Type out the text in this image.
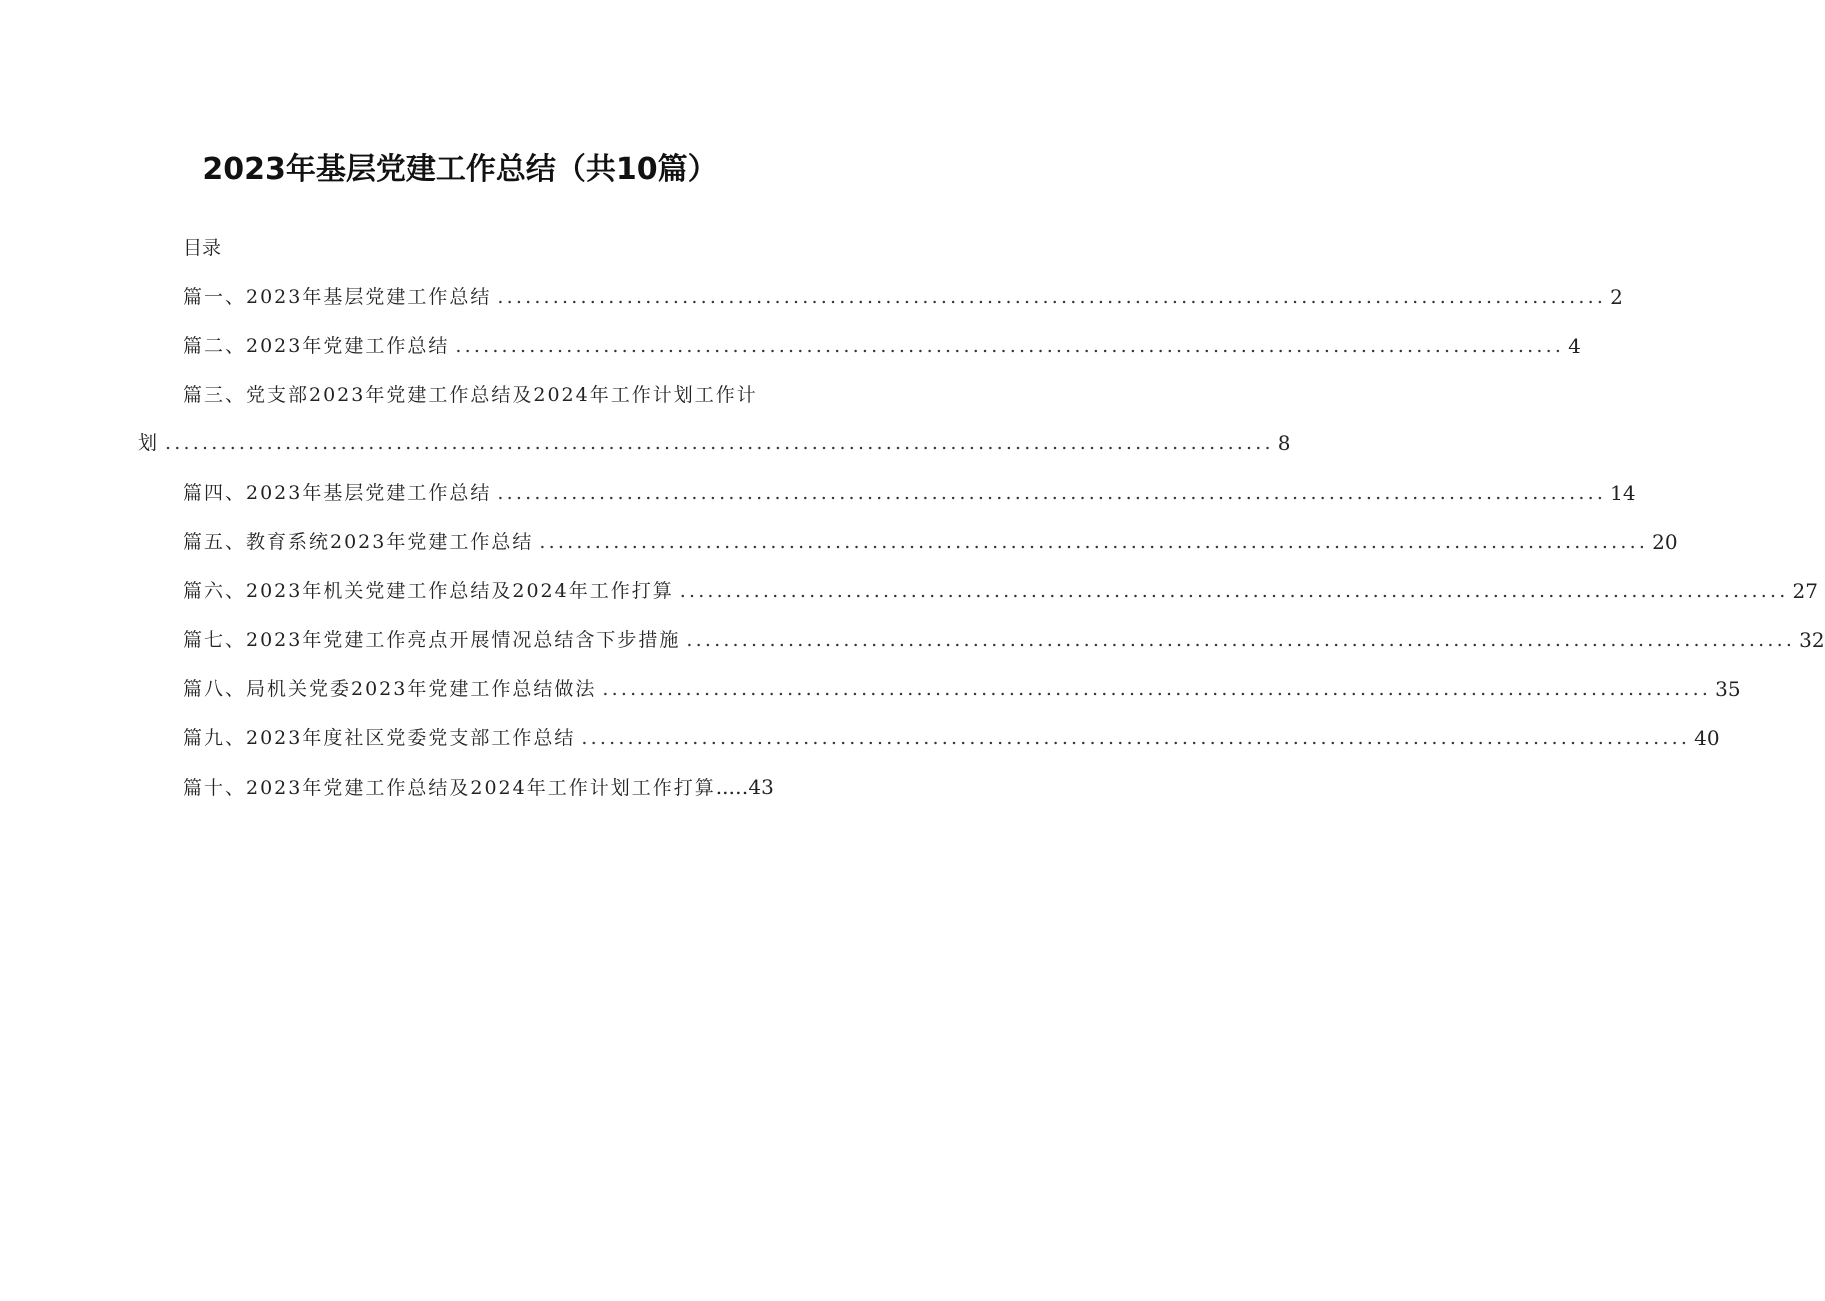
2023年基层党建工作总结（共10篇）
目录
篇一、2023年基层党建工作总结 ........................................................................................................................ 2
篇二、2023年党建工作总结 ........................................................................................................................ 4
篇三、党支部2023年党建工作总结及2024年工作计划工作计
划 ........................................................................................................................ 8
篇四、2023年基层党建工作总结 ........................................................................................................................ 14
篇五、教育系统2023年党建工作总结 ........................................................................................................................ 20
篇六、2023年机关党建工作总结及2024年工作打算 ........................................................................................................................ 27
篇七、2023年党建工作亮点开展情况总结含下步措施 ........................................................................................................................ 32
篇八、局机关党委2023年党建工作总结做法 ........................................................................................................................ 35
篇九、2023年度社区党委党支部工作总结 ........................................................................................................................ 40
篇十、2023年党建工作总结及2024年工作计划工作打算..…43
